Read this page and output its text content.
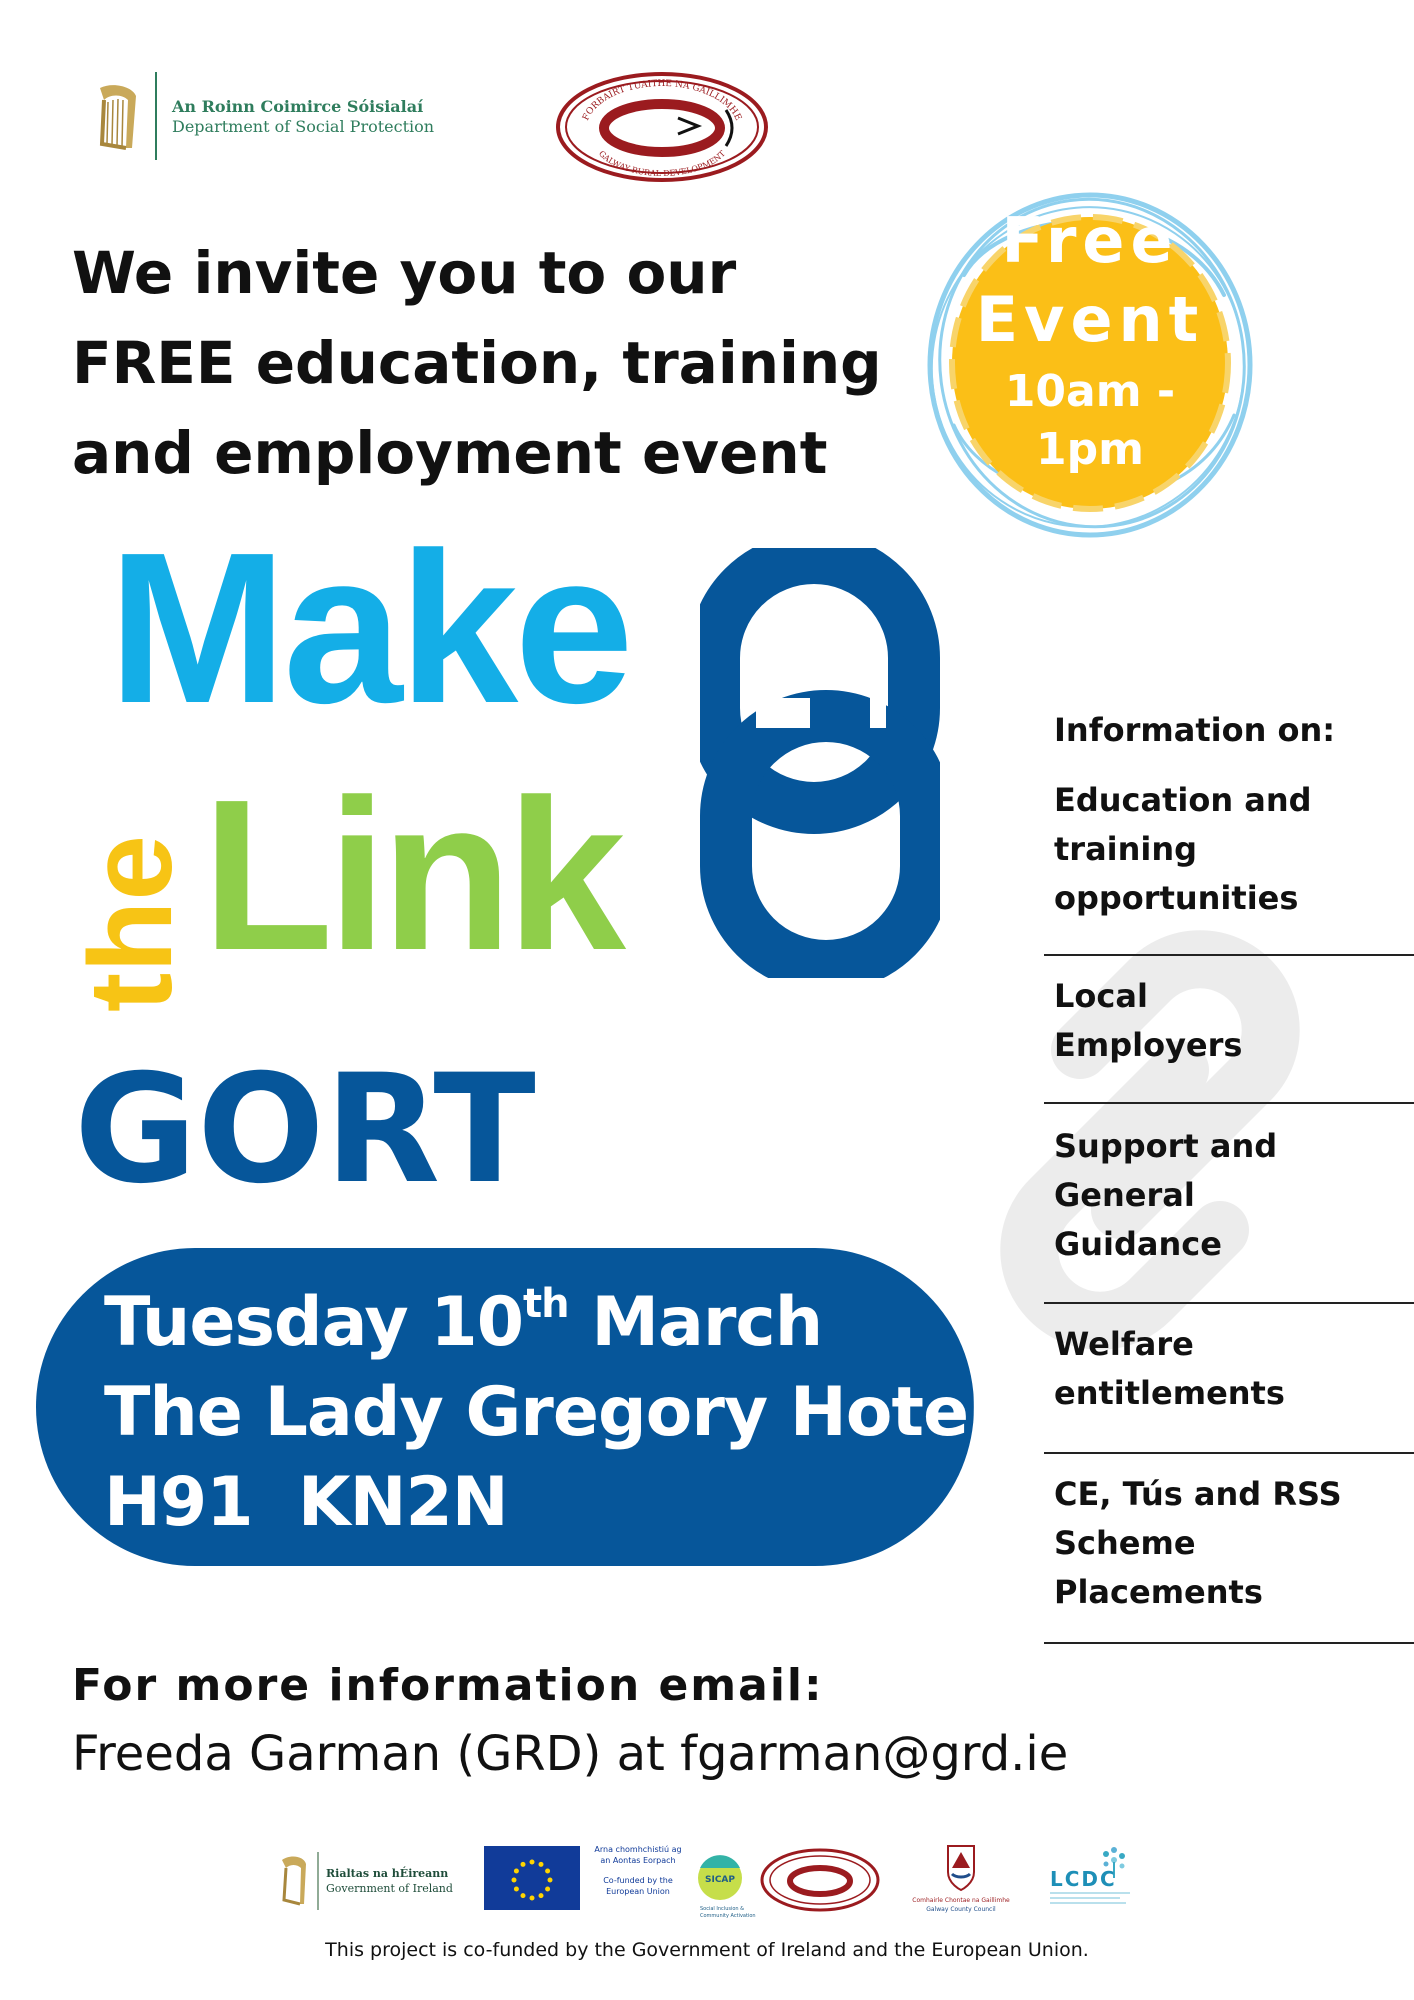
An Roinn Coimirce Sóisialaí
Department of Social Protection	FORBAIRT TUAITHE NA GAILLIMHE
GALWAY RURAL DEVELOPMENT
We invite you to our
FREE education, training
and employment event
Free
Event
10am - 1pm
Make
the Link
GORT
Tuesday 10th March
The Lady Gregory Hotel
H91  KN2N
Information on:
Education and training opportunities
Local Employers
Support and General Guidance
Welfare entitlements
CE, Tús and RSS Scheme Placements
For more information email:
Freeda Garman (GRD) at fgarman@grd.ie
Rialtas na hÉireann
Government of Ireland
Arna chomhchistiú ag
an Aontas Eorpach
Co-funded by the
European Union
SICAP
Social Inclusion &
Community Activation
Comhairle Chontae na Gaillimhe
Galway County Council
LCDC
This project is co-funded by the Government of Ireland and the European Union.
